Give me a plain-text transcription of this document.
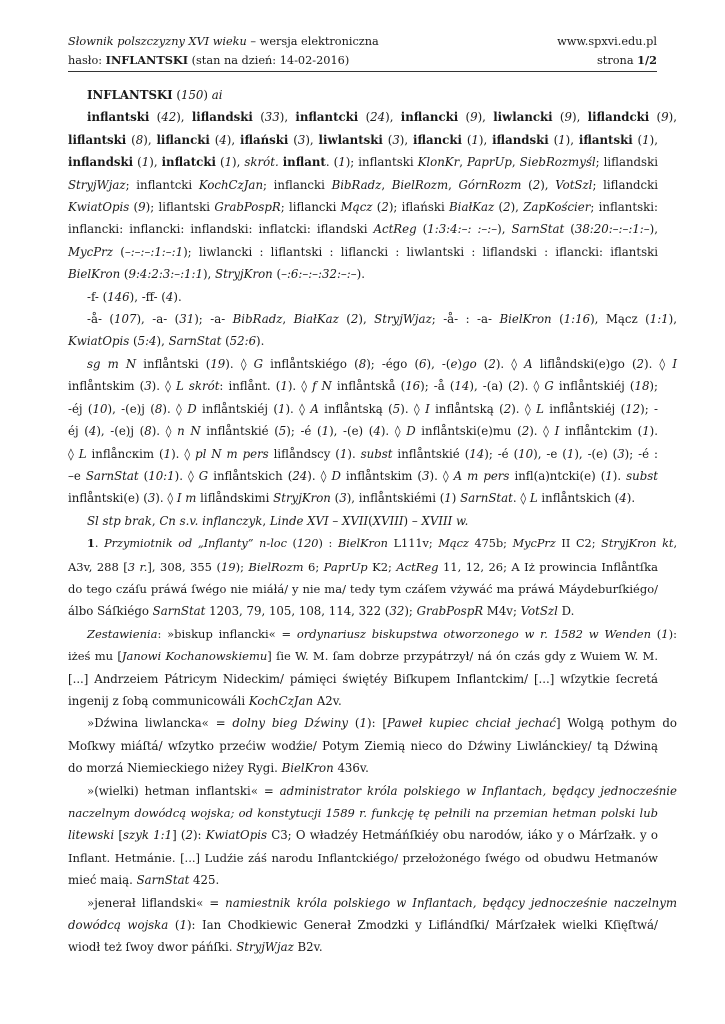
Słownik polszczyzny XVI wieku – wersja elektroniczna
hasło: INFLANTSKI (stan na dzień: 14-02-2016)
www.spxvi.edu.pl
strona 1/2
INFLANTSKI (150) ai
inflantski (42), liflandski (33), inflantcki (24), inflancki (9), liwlancki (9), liflandcki (9),
liflantski (8), liflancki (4), iflański (3), liwlantski (3), iflancki (1), iflandski (1), iflantski (1),
inflandski (1), inflatcki (1), skrót. inflant. (1); inflantski KlonKr, PaprUp, SiebRozmyśl; liflandski
StryjWjaz; inflantcki KochCzJan; inflancki BibRadz, BielRozm, GórnRozm (2), VotSzl; liflandcki
KwiatOpis (9); liflantski GrabPospR; liflancki Mącz (2); iflański BiałKaz (2), ZapKościer; inflantski:
inflancki: inflancki: inflandski: inflatcki: iflandski ActReg (1:3:4:–: :–:–), SarnStat (38:20:–:–:1:–),
MycPrz (–:–:–:1:–:1); liwlancki : liflantski : liflancki : liwlantski : liflandski : iflancki: iflantski
BielKron (9:4:2:3:–:1:1), StryjKron (–:6:–:–:32:–:–).
-f- (146), -ff- (4).
-å- (107), -a- (31); -a- BibRadz, BiałKaz (2), StryjWjaz; -å- : -a- BielKron (1:16), Mącz (1:1),
KwiatOpis (5:4), SarnStat (52:6).
sg m N inflåntski (19). ◊ G inflåntskiégo (8); -égo (6), -(e)go (2). ◊ A liflåndski(e)go (2). ◊ I
inflåntskim (3). ◊ L skrót: inflånt. (1). ◊ f N inflåntskå (16); -å (14), -(a) (2). ◊ G inflåntskiéj (18);
-éj (10), -(e)j (8). ◊ D inflåntskiéj (1). ◊ A inflåntską (5). ◊ I inflåntską (2). ◊ L inflåntskiéj (12); -
éj (4), -(e)j (8). ◊ n N inflåntskié (5); -é (1), -(e) (4). ◊ D inflåntski(e)mu (2). ◊ I inflåntckim (1).
◊ L inflåncкim (1). ◊ pl N m pers liflåndscy (1). subst inflåntskié (14); -é (10), -e (1), -(e) (3); -é :
–e SarnStat (10:1). ◊ G inflåntskich (24). ◊ D inflåntskim (3). ◊ A m pers infl(a)ntcki(e) (1). subst
inflåntski(e) (3). ◊ I m liflåndskimi StryjKron (3), inflåntskiémi (1) SarnStat. ◊ L inflåntskich (4).
Sl stp brak, Cn s.v. inflanczyk, Linde XVI – XVII(XVIII) – XVIII w.
1. Przymiotnik od „Inflanty” n-loc (120) : BielKron L111v; Mącz 475b; MycPrz II C2; StryjKron kt,
A3v, 288 [3 r.], 308, 355 (19); BielRozm 6; PaprUp K2; ActReg 11, 12, 26; A Iż prowincia Inflåntſka
do tego czáſu práwá ſwégo nie miáłá/ y nie ma/ tedy tym czáſem vżywáć ma práwá Máydeburſkiégo/
álbo Sáſkiégo SarnStat 1203, 79, 105, 108, 114, 322 (32); GrabPospR M4v; VotSzl D.
Zestawienia: »biskup inflancki« = ordynariusz biskupstwa otworzonego w r. 1582 w Wenden (1):
iżeś mu [Janowi Kochanowskiemu] ſie W. M. ſam dobrze przypátrzył/ ná ón czás gdy z Wuiem W. M.
[...] Andrzeiem Pátricym Nideckim/ pámięci świętéy Biſkupem Inflantckim/ [...] wſzytkie ſecretá
ingenij z ſobą communicowáli KochCzJan A2v.
»Dźwina liwlancka« = dolny bieg Dźwiny (1): [Paweł kupiec chciał jechać] Wolgą pothym do
Moſkwy miáſtá/ wſzytko przećiw wodźie/ Potym Ziemią nieco do Dźwiny Liwlánckiey/ tą Dźwiną
do morzá Niemieckiego niżey Rygi. BielKron 436v.
»(wielki) hetman inflantski« = administrator króla polskiego w Inflantach, będący jednocześnie
naczelnym dowódcą wojska; od konstytucji 1589 r. funkcję tę pełnili na przemian hetman polski lub
litewski [szyk 1:1] (2): KwiatOpis C3; O władzéy Hetmáńſkiéy obu narodów, iáko y o Márſzałk. y o
Inflant. Hetmánie. [...] Ludźie záś narodu Inflantckiégo/ przełożonégo ſwégo od obudwu Hetmanów
mieć maią. SarnStat 425.
»jenerał liflandski« = namiestnik króla polskiego w Inflantach, będący jednocześnie naczelnym
dowódcą wojska (1): Ian Chodkiewic Generał Zmodzki y Liflándſki/ Márſzałek wielki Kſięſtwá/
wiodł też ſwoy dwor páńſki. StryjWjaz B2v.
